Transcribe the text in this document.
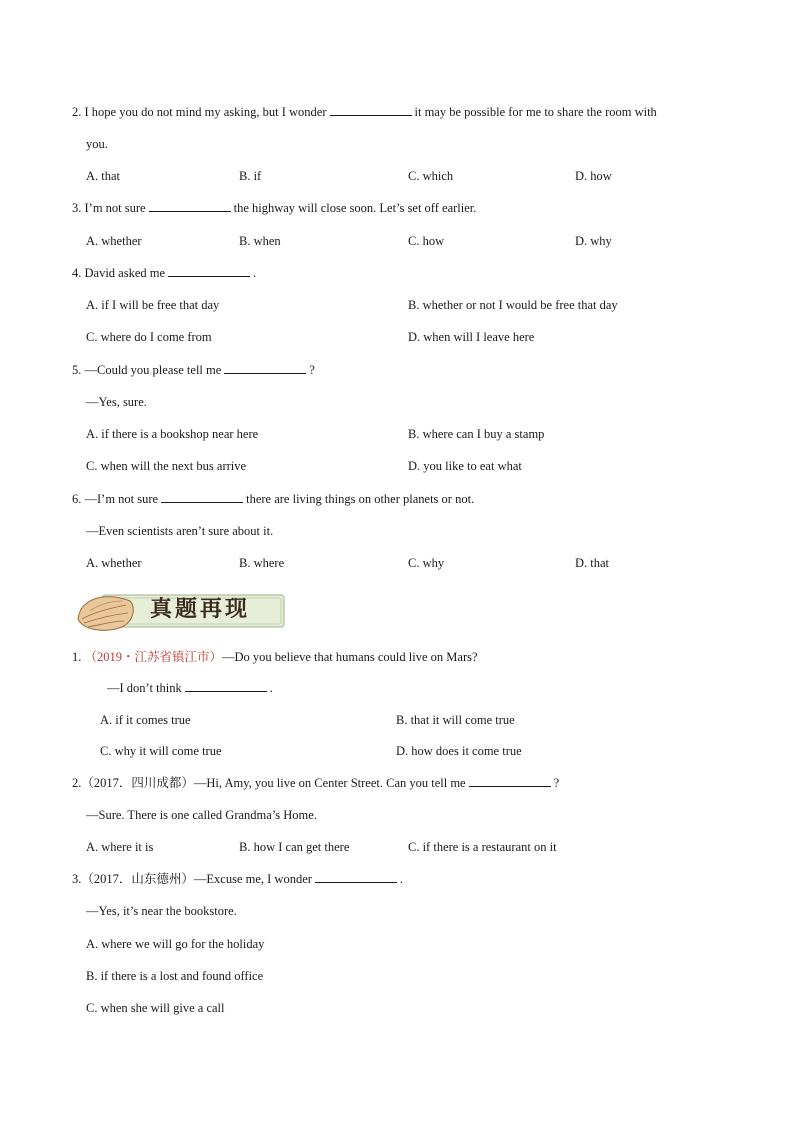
2. I hope you do not mind my asking, but I wonder	it may be possible for me to share the room with
you.
A. that	B. if	C. which	D. how
3. I’m not sure	the highway will close soon. Let’s set off earlier.
A. whether	B. when	C. how	D. why
4. David asked me	.
A. if I will be free that day	B. whether or not I would be free that day
C. where do I come from	D. when will I leave here
5. —Could you please tell me	?
—Yes, sure.
A. if there is a bookshop near here	B. where can I buy a stamp
C. when will the next bus arrive	D. you like to eat what
6. —I’m not sure	there are living things on other planets or not.
—Even scientists aren’t sure about it.
A. whether	B. where	C. why	D. that
真题再现
1. （2019・江苏省镇江市）—Do you believe that humans could live on Mars?
—I don’t think	.
A. if it comes true	B. that it will come true
C. why it will come true	D. how does it come true
2.（2017．四川成都）—Hi, Amy, you live on Center Street. Can you tell me	?
—Sure. There is one called Grandma’s Home.
A. where it is	B. how I can get there	C. if there is a restaurant on it
3.（2017．山东德州）—Excuse me, I wonder	.
—Yes, it’s near the bookstore.
A. where we will go for the holiday
B. if there is a lost and found office
C. when she will give a call
